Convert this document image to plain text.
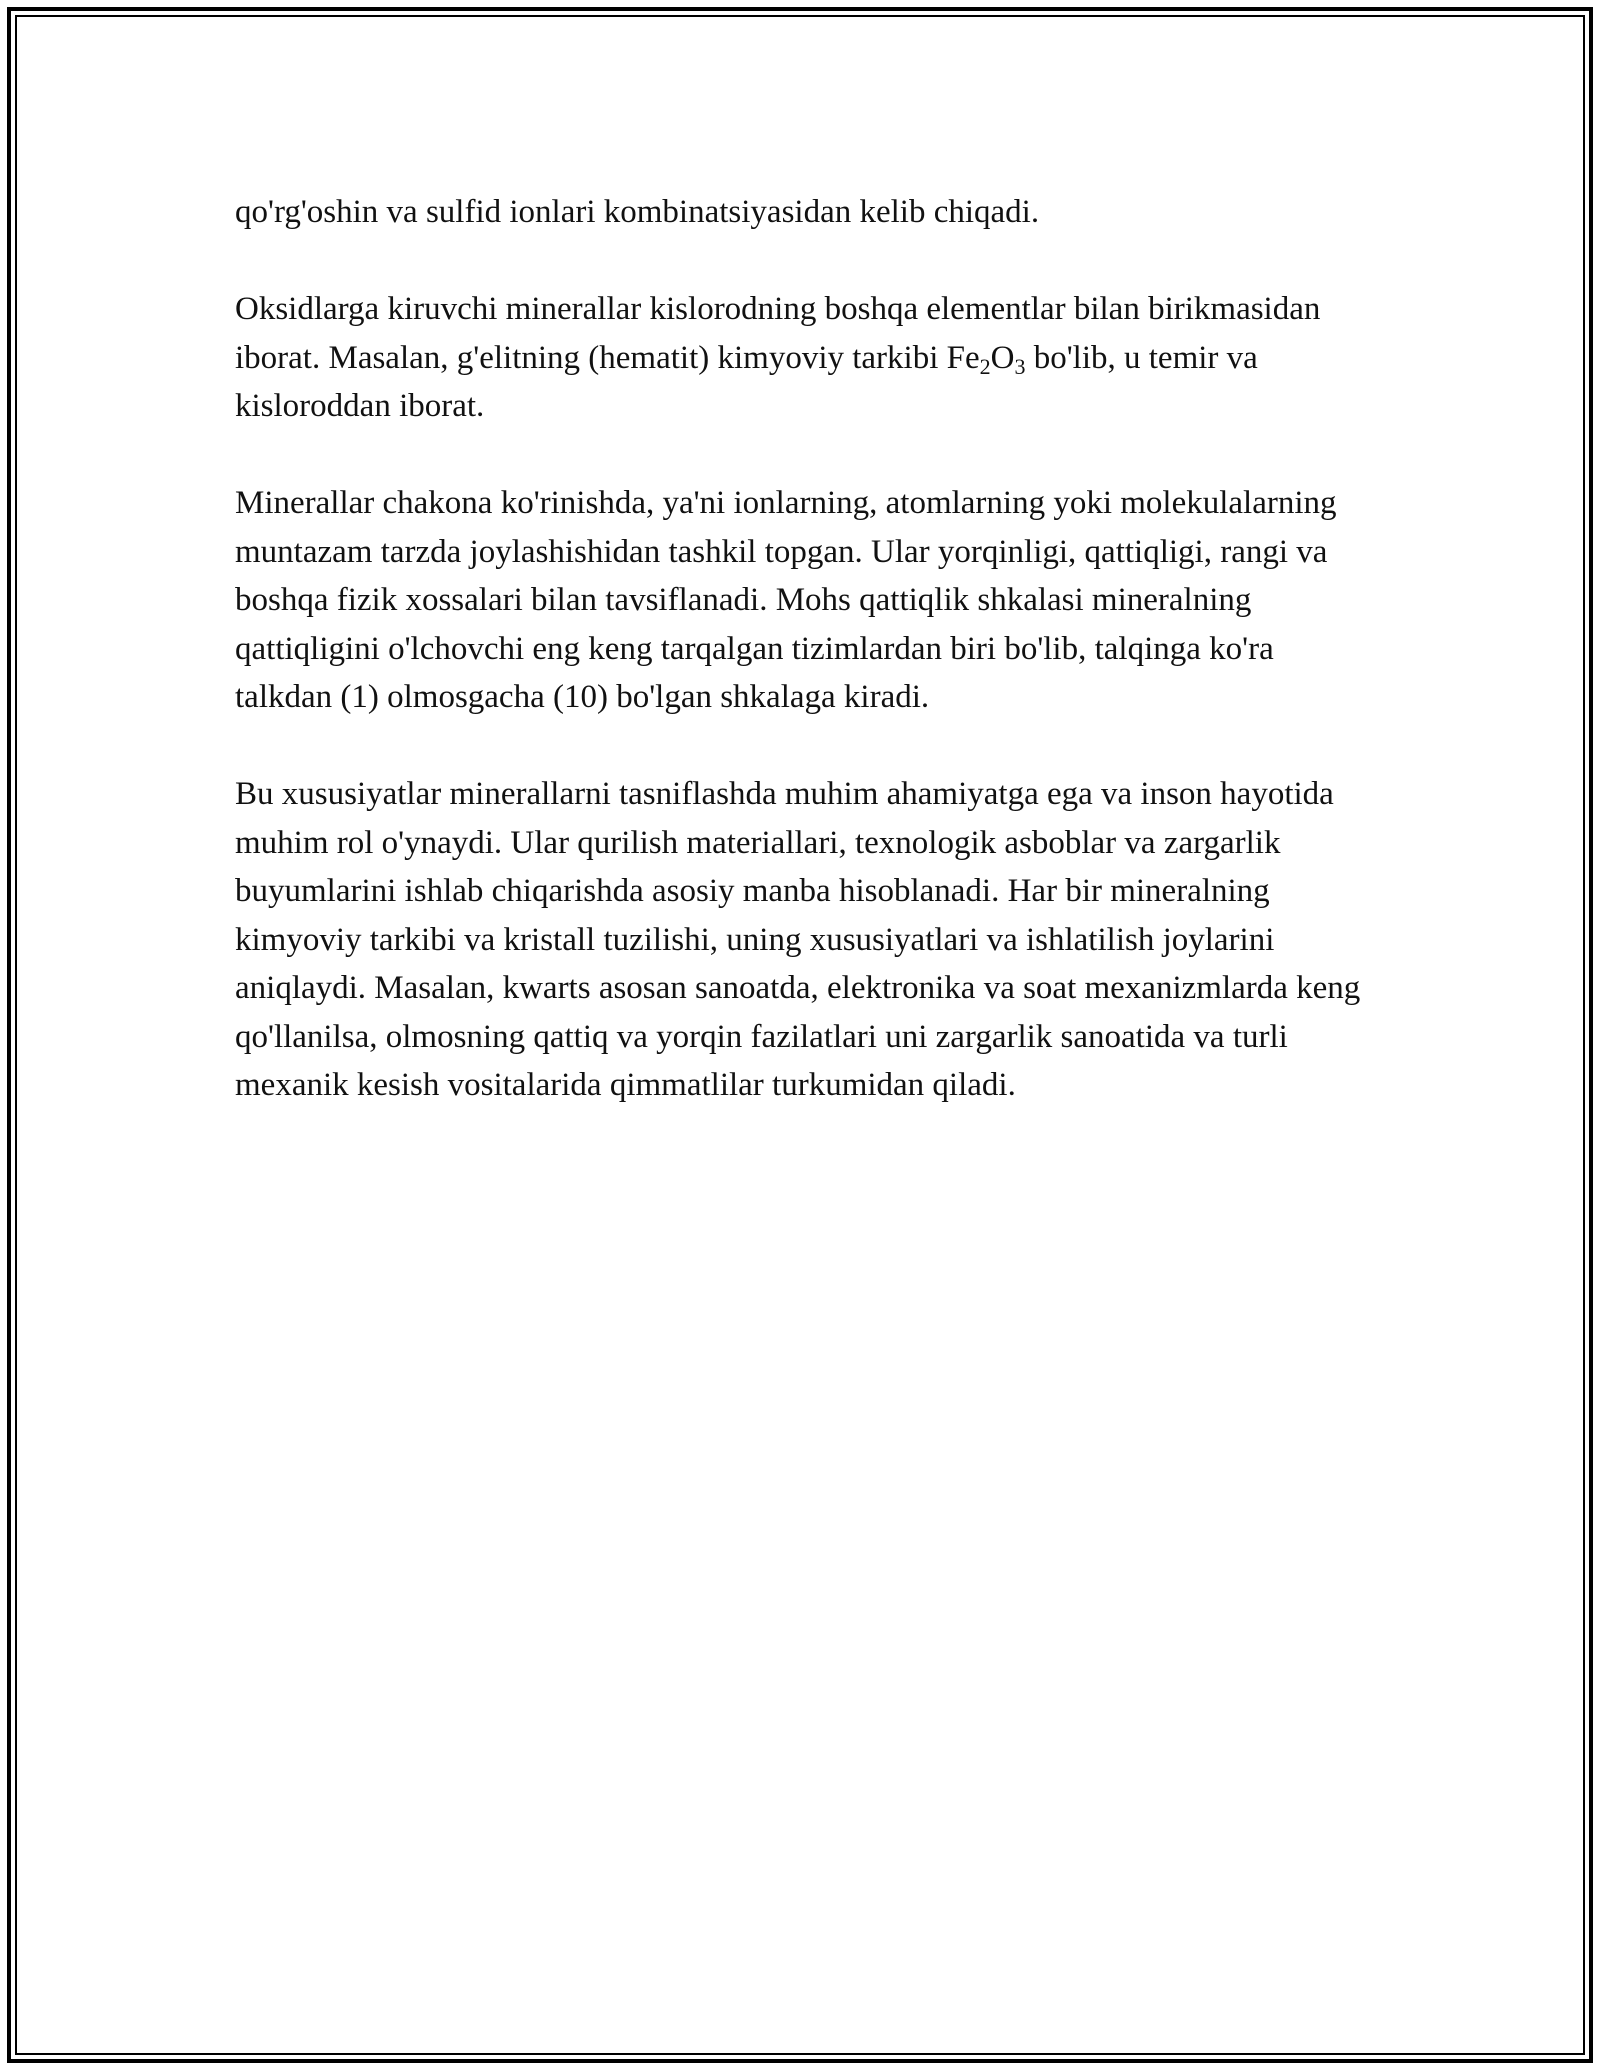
qo'rg'oshin va sulfid ionlari kombinatsiyasidan kelib chiqadi.

Oksidlarga kiruvchi minerallar kislorodning boshqa elementlar bilan birikmasidan iborat. Masalan, g'elitning (hematit) kimyoviy tarkibi $Fe_2O_3$ bo'lib, u temir va kisloroddan iborat.

Minerallar chakona ko'rinishda, ya'ni ionlarning, atomlarning yoki molekulalarning muntazam tarzda joylashishidan tashkil topgan. Ular yorqinligi, qattiqligi, rangi va boshqa fizik xossalari bilan tavsiflanadi. Mohs qattiqlik shkalasi mineralning qattiqligini o'lchovchi eng keng tarqalgan tizimlardan biri bo'lib, talqinga ko'ra talkdan (1) olmosgacha (10) bo'lgan shkalaga kiradi.

Bu xususiyatlar minerallarni tasniflashda muhim ahamiyatga ega va inson hayotida muhim rol o'ynaydi. Ular qurilish materiallari, texnologik asboblar va zargarlik buyumlarini ishlab chiqarishda asosiy manba hisoblanadi. Har bir mineralning kimyoviy tarkibi va kristall tuzilishi, uning xususiyatlari va ishlatilish joylarini aniqlaydi. Masalan, kwarts asosan sanoatda, elektronika va soat mexanizmlarda keng qo'llanilsa, olmosning qattiq va yorqin fazilatlari uni zargarlik sanoatida va turli mexanik kesish vositalarida qimmatlilar turkumidan qiladi.
